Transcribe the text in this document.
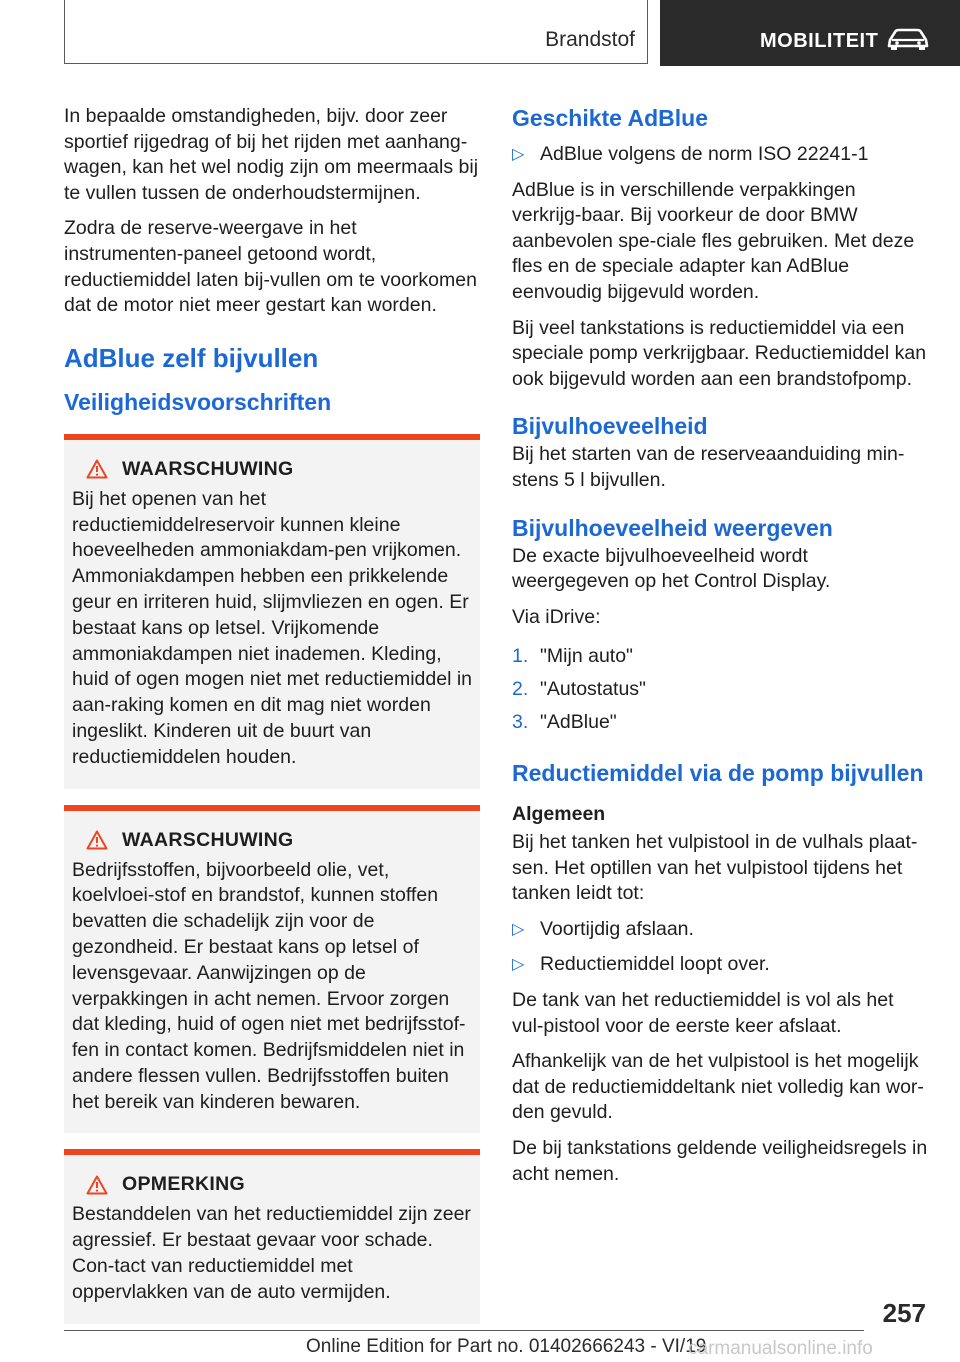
Brandstof	MOBILITEIT

In bepaalde omstandigheden, bijv. door zeer sportief rijgedrag of bij het rijden met aanhang-wagen, kan het wel nodig zijn om meermaals bij te vullen tussen de onderhoudstermijnen.

Zodra de reserve-weergave in het instrumenten-paneel getoond wordt, reductiemiddel laten bij-vullen om te voorkomen dat de motor niet meer gestart kan worden.

AdBlue zelf bijvullen
Veiligheidsvoorschriften
WAARSCHUWING

Bij het openen van het reductiemiddelreservoir kunnen kleine hoeveelheden ammoniakdam-pen vrijkomen. Ammoniakdampen hebben een prikkelende geur en irriteren huid, slijmvliezen en ogen. Er bestaat kans op letsel. Vrijkomende ammoniakdampen niet inademen. Kleding, huid of ogen mogen niet met reductiemiddel in aan-raking komen en dit mag niet worden ingeslikt. Kinderen uit de buurt van reductiemiddelen houden.

WAARSCHUWING

Bedrijfsstoffen, bijvoorbeeld olie, vet, koelvloei-stof en brandstof, kunnen stoffen bevatten die schadelijk zijn voor de gezondheid. Er bestaat kans op letsel of levensgevaar. Aanwijzingen op de verpakkingen in acht nemen. Ervoor zorgen dat kleding, huid of ogen niet met bedrijfsstof-fen in contact komen. Bedrijfsmiddelen niet in andere flessen vullen. Bedrijfsstoffen buiten het bereik van kinderen bewaren.

OPMERKING

Bestanddelen van het reductiemiddel zijn zeer agressief. Er bestaat gevaar voor schade. Con-tact van reductiemiddel met oppervlakken van de auto vermijden.

Geschikte AdBlue
▷ AdBlue volgens de norm ISO 22241-1

AdBlue is in verschillende verpakkingen verkrijg-baar. Bij voorkeur de door BMW aanbevolen spe-ciale fles gebruiken. Met deze fles en de speciale adapter kan AdBlue eenvoudig bijgevuld worden.

Bij veel tankstations is reductiemiddel via een speciale pomp verkrijgbaar. Reductiemiddel kan ook bijgevuld worden aan een brandstofpomp.

Bijvulhoeveelheid

Bij het starten van de reserveaanduiding min-stens 5 l bijvullen.

Bijvulhoeveelheid weergeven

De exacte bijvulhoeveelheid wordt weergegeven op het Control Display.

Via iDrive:

1. "Mijn auto"
2. "Autostatus"
3. "AdBlue"
Reductiemiddel via de pomp bijvullen
Algemeen

Bij het tanken het vulpistool in de vulhals plaat-sen. Het optillen van het vulpistool tijdens het tanken leidt tot:

▷ Voortijdig afslaan.
▷ Reductiemiddel loopt over.

De tank van het reductiemiddel is vol als het vul-pistool voor de eerste keer afslaat.

Afhankelijk van de het vulpistool is het mogelijk dat de reductiemiddeltank niet volledig kan wor-den gevuld.

De bij tankstations geldende veiligheidsregels in acht nemen.

257
Online Edition for Part no. 01402666243 - VI/19
carmanualsonline.info
